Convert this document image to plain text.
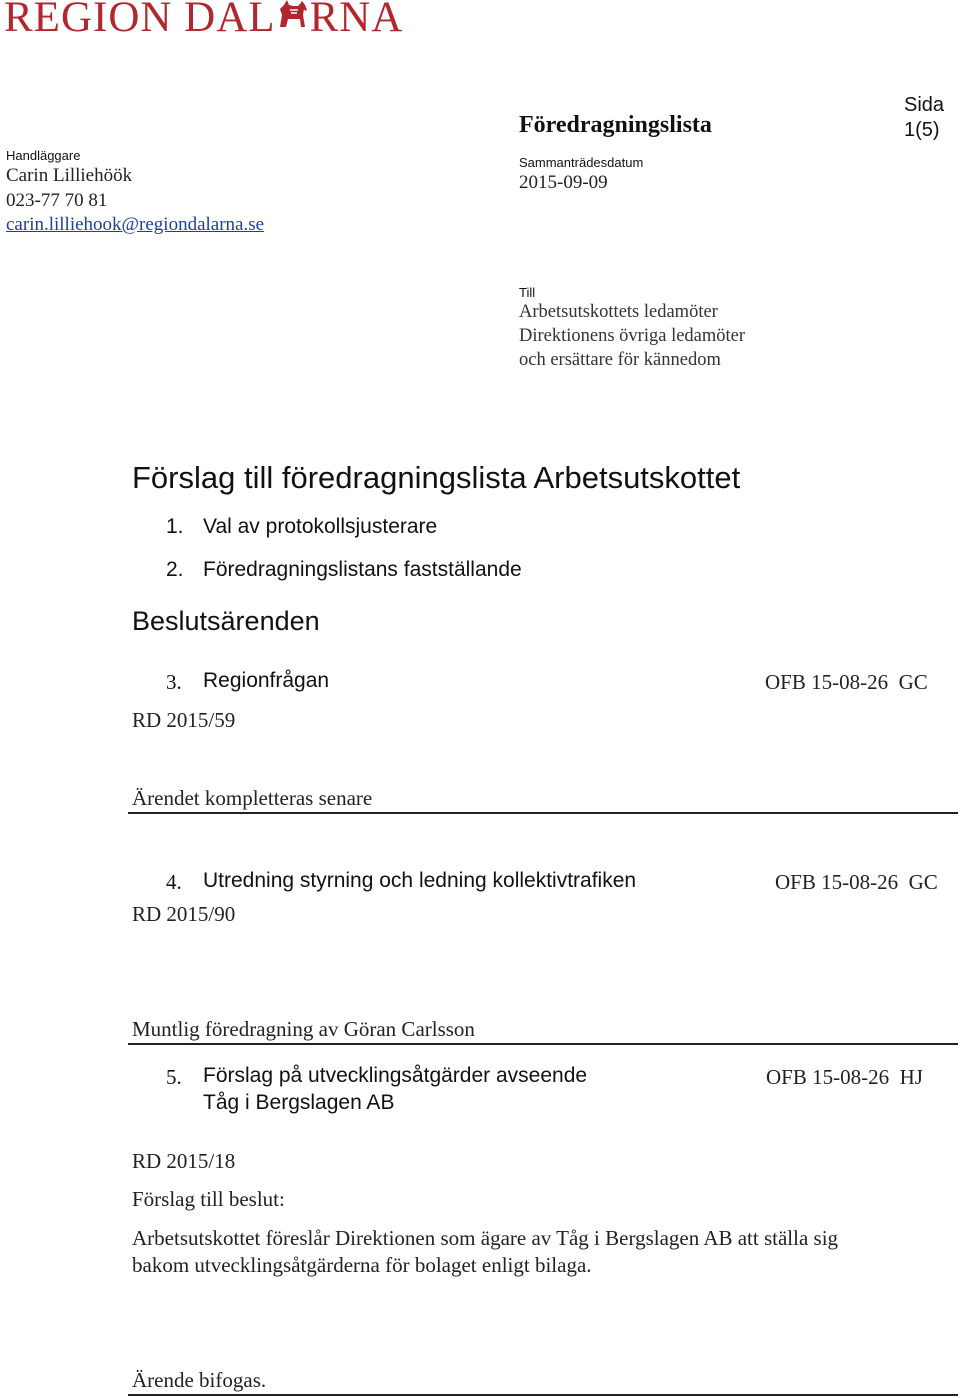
REGION DAL RNA
Handläggare
Carin Lilliehöök
023-77 70 81
carin.lilliehook@regiondalarna.se
Föredragningslista
Sammanträdesdatum
2015-09-09
Sida
1(5)
Till
Arbetsutskottets ledamöter
Direktionens övriga ledamöter
och ersättare för kännedom
Förslag till föredragningslista Arbetsutskottet
1. Val av protokollsjusterare
2. Föredragningslistans fastställande
Beslutsärenden
3. Regionfrågan	OFB 15-08-26  GC
RD 2015/59
Ärendet kompletteras senare
4. Utredning styrning och ledning kollektivtrafiken	OFB 15-08-26  GC
RD 2015/90
Muntlig föredragning av Göran Carlsson
5. Förslag på utvecklingsåtgärder avseende
Tåg i Bergslagen AB
OFB 15-08-26  HJ
RD 2015/18
Förslag till beslut:
Arbetsutskottet föreslår Direktionen som ägare av Tåg i Bergslagen AB att ställa sig
bakom utvecklingsåtgärderna för bolaget enligt bilaga.
Ärende bifogas.
